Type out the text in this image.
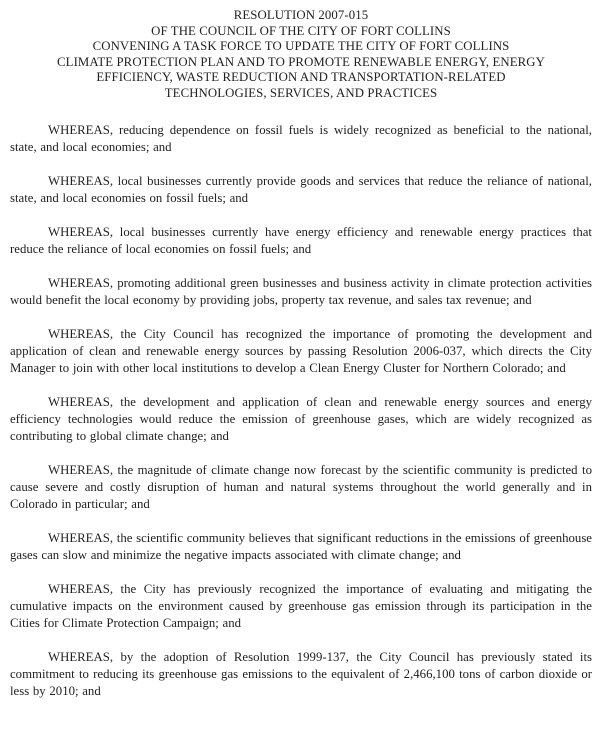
RESOLUTION 2007-015
OF THE COUNCIL OF THE CITY OF FORT COLLINS
CONVENING A TASK FORCE TO UPDATE THE CITY OF FORT COLLINS
CLIMATE PROTECTION PLAN AND TO PROMOTE RENEWABLE ENERGY, ENERGY
EFFICIENCY, WASTE REDUCTION AND TRANSPORTATION-RELATED
TECHNOLOGIES, SERVICES, AND PRACTICES

WHEREAS, reducing dependence on fossil fuels is widely recognized as beneficial to the national, state, and local economies; and

WHEREAS, local businesses currently provide goods and services that reduce the reliance of national, state, and local economies on fossil fuels; and

WHEREAS, local businesses currently have energy efficiency and renewable energy practices that reduce the reliance of local economies on fossil fuels; and

WHEREAS, promoting additional green businesses and business activity in climate protection activities would benefit the local economy by providing jobs, property tax revenue, and sales tax revenue; and

WHEREAS, the City Council has recognized the importance of promoting the development and application of clean and renewable energy sources by passing Resolution 2006-037, which directs the City Manager to join with other local institutions to develop a Clean Energy Cluster for Northern Colorado; and

WHEREAS, the development and application of clean and renewable energy sources and energy efficiency technologies would reduce the emission of greenhouse gases, which are widely recognized as contributing to global climate change; and

WHEREAS, the magnitude of climate change now forecast by the scientific community is predicted to cause severe and costly disruption of human and natural systems throughout the world generally and in Colorado in particular; and

WHEREAS, the scientific community believes that significant reductions in the emissions of greenhouse gases can slow and minimize the negative impacts associated with climate change; and

WHEREAS, the City has previously recognized the importance of evaluating and mitigating the cumulative impacts on the environment caused by greenhouse gas emission through its participation in the Cities for Climate Protection Campaign; and

WHEREAS, by the adoption of Resolution 1999-137, the City Council has previously stated its commitment to reducing its greenhouse gas emissions to the equivalent of 2,466,100 tons of carbon dioxide or less by 2010; and
